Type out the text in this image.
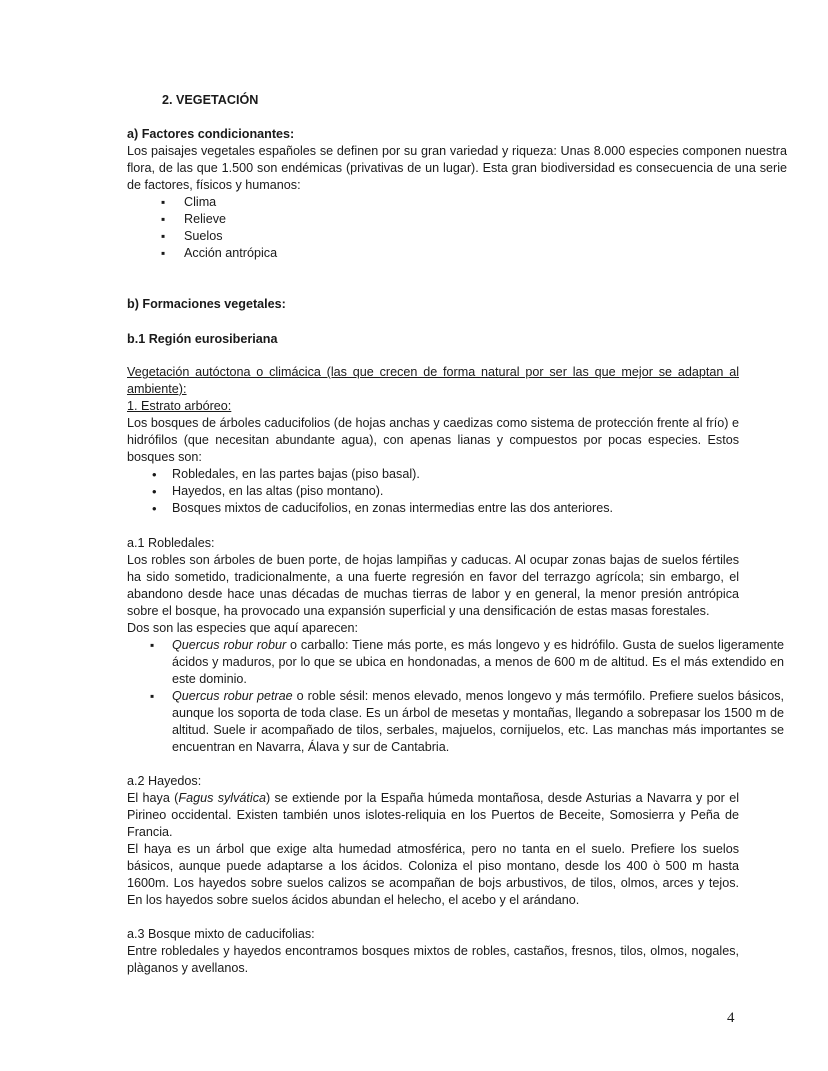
2. VEGETACIÓN
a) Factores condicionantes:

Los paisajes vegetales españoles se definen por su gran variedad y riqueza: Unas 8.000 especies componen nuestra flora, de las que 1.500 son endémicas (privativas de un lugar). Esta gran biodiversidad es consecuencia de una serie de factores, físicos y humanos:

▪ Clima
▪ Relieve
▪ Suelos
▪ Acción antrópica
b) Formaciones vegetales:
b.1 Región eurosiberiana

Vegetación autóctona o climácica (las que crecen de forma natural por ser las que mejor se adaptan al ambiente):

1. Estrato arbóreo:

Los bosques de árboles caducifolios (de hojas anchas y caedizas como sistema de protección frente al frío) e hidrófilos (que necesitan abundante agua), con apenas lianas y compuestos por pocas especies. Estos bosques son:

• Robledales, en las partes bajas (piso basal).
• Hayedos, en las altas (piso montano).
• Bosques mixtos de caducifolios, en zonas intermedias entre las dos anteriores.

a.1 Robledales:

Los robles son árboles de buen porte, de hojas lampiñas y caducas. Al ocupar zonas bajas de suelos fértiles ha sido sometido, tradicionalmente, a una fuerte regresión en favor del terrazgo agrícola; sin embargo, el abandono desde hace unas décadas de muchas tierras de labor y en general, la menor presión antrópica sobre el bosque, ha provocado una expansión superficial y una densificación de estas masas forestales.

Dos son las especies que aquí aparecen:

▪ Quercus robur robur o carballo: Tiene más porte, es más longevo y es hidrófilo. Gusta de suelos ligeramente ácidos y maduros, por lo que se ubica en hondonadas, a menos de 600 m de altitud. Es el más extendido en este dominio.
▪ Quercus robur petrae o roble sésil: menos elevado, menos longevo y más termófilo. Prefiere suelos básicos, aunque los soporta de toda clase. Es un árbol de mesetas y montañas, llegando a sobrepasar los 1500 m de altitud. Suele ir acompañado de tilos, serbales, majuelos, cornijuelos, etc. Las manchas más importantes se encuentran en Navarra, Álava y sur de Cantabria.

a.2 Hayedos:

El haya (Fagus sylvática) se extiende por la España húmeda montañosa, desde Asturias a Navarra y por el Pirineo occidental. Existen también unos islotes-reliquia en los Puertos de Beceite, Somosierra y Peña de Francia.

El haya es un árbol que exige alta humedad atmosférica, pero no tanta en el suelo. Prefiere los suelos básicos, aunque puede adaptarse a los ácidos. Coloniza el piso montano, desde los 400 ò 500 m hasta 1600m. Los hayedos sobre suelos calizos se acompañan de bojs arbustivos, de tilos, olmos, arces y tejos. En los hayedos sobre suelos ácidos abundan el helecho, el acebo y el arándano.

a.3 Bosque mixto de caducifolias:

Entre robledales y hayedos encontramos bosques mixtos de robles, castaños, fresnos, tilos, olmos, nogales, plàganos y avellanos.

4
